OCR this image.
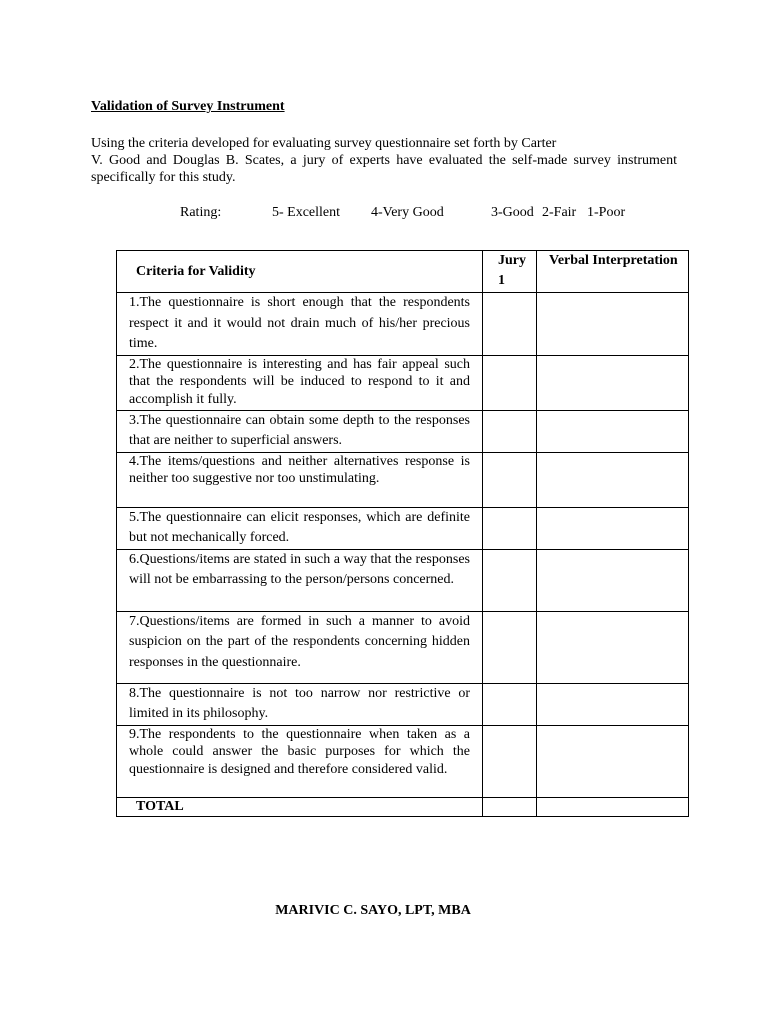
Validation of Survey Instrument
Using the criteria developed for evaluating survey questionnaire set forth by Carter
V. Good and Douglas B. Scates, a jury of experts have evaluated the self-made survey instrument specifically for this study.
Rating:	5- Excellent 4-Very Good	3-Good 2-Fair 1-Poor
Criteria for Validity	Jury 1	Verbal Interpretation
1.The questionnaire is short enough that the respondents respect it and it would not drain much of his/her precious time.		
2.The questionnaire is interesting and has fair appeal such that the respondents will be induced to respond to it and accomplish it fully.		
3.The questionnaire can obtain some depth to the responses that are neither to superficial answers.		
4.The items/questions and neither alternatives response is neither too suggestive nor too unstimulating.		
5.The questionnaire can elicit responses, which are definite but not mechanically forced.		
6.Questions/items are stated in such a way that the responses will not be embarrassing to the person/persons concerned.		
7.Questions/items are formed in such a manner to avoid suspicion on the part of the respondents concerning hidden responses in the questionnaire.		
8.The questionnaire is not too narrow nor restrictive or limited in its philosophy.		
9.The respondents to the questionnaire when taken as a whole could answer the basic purposes for which the questionnaire is designed and therefore considered valid.		
TOTAL		
MARIVIC C. SAYO, LPT, MBA
